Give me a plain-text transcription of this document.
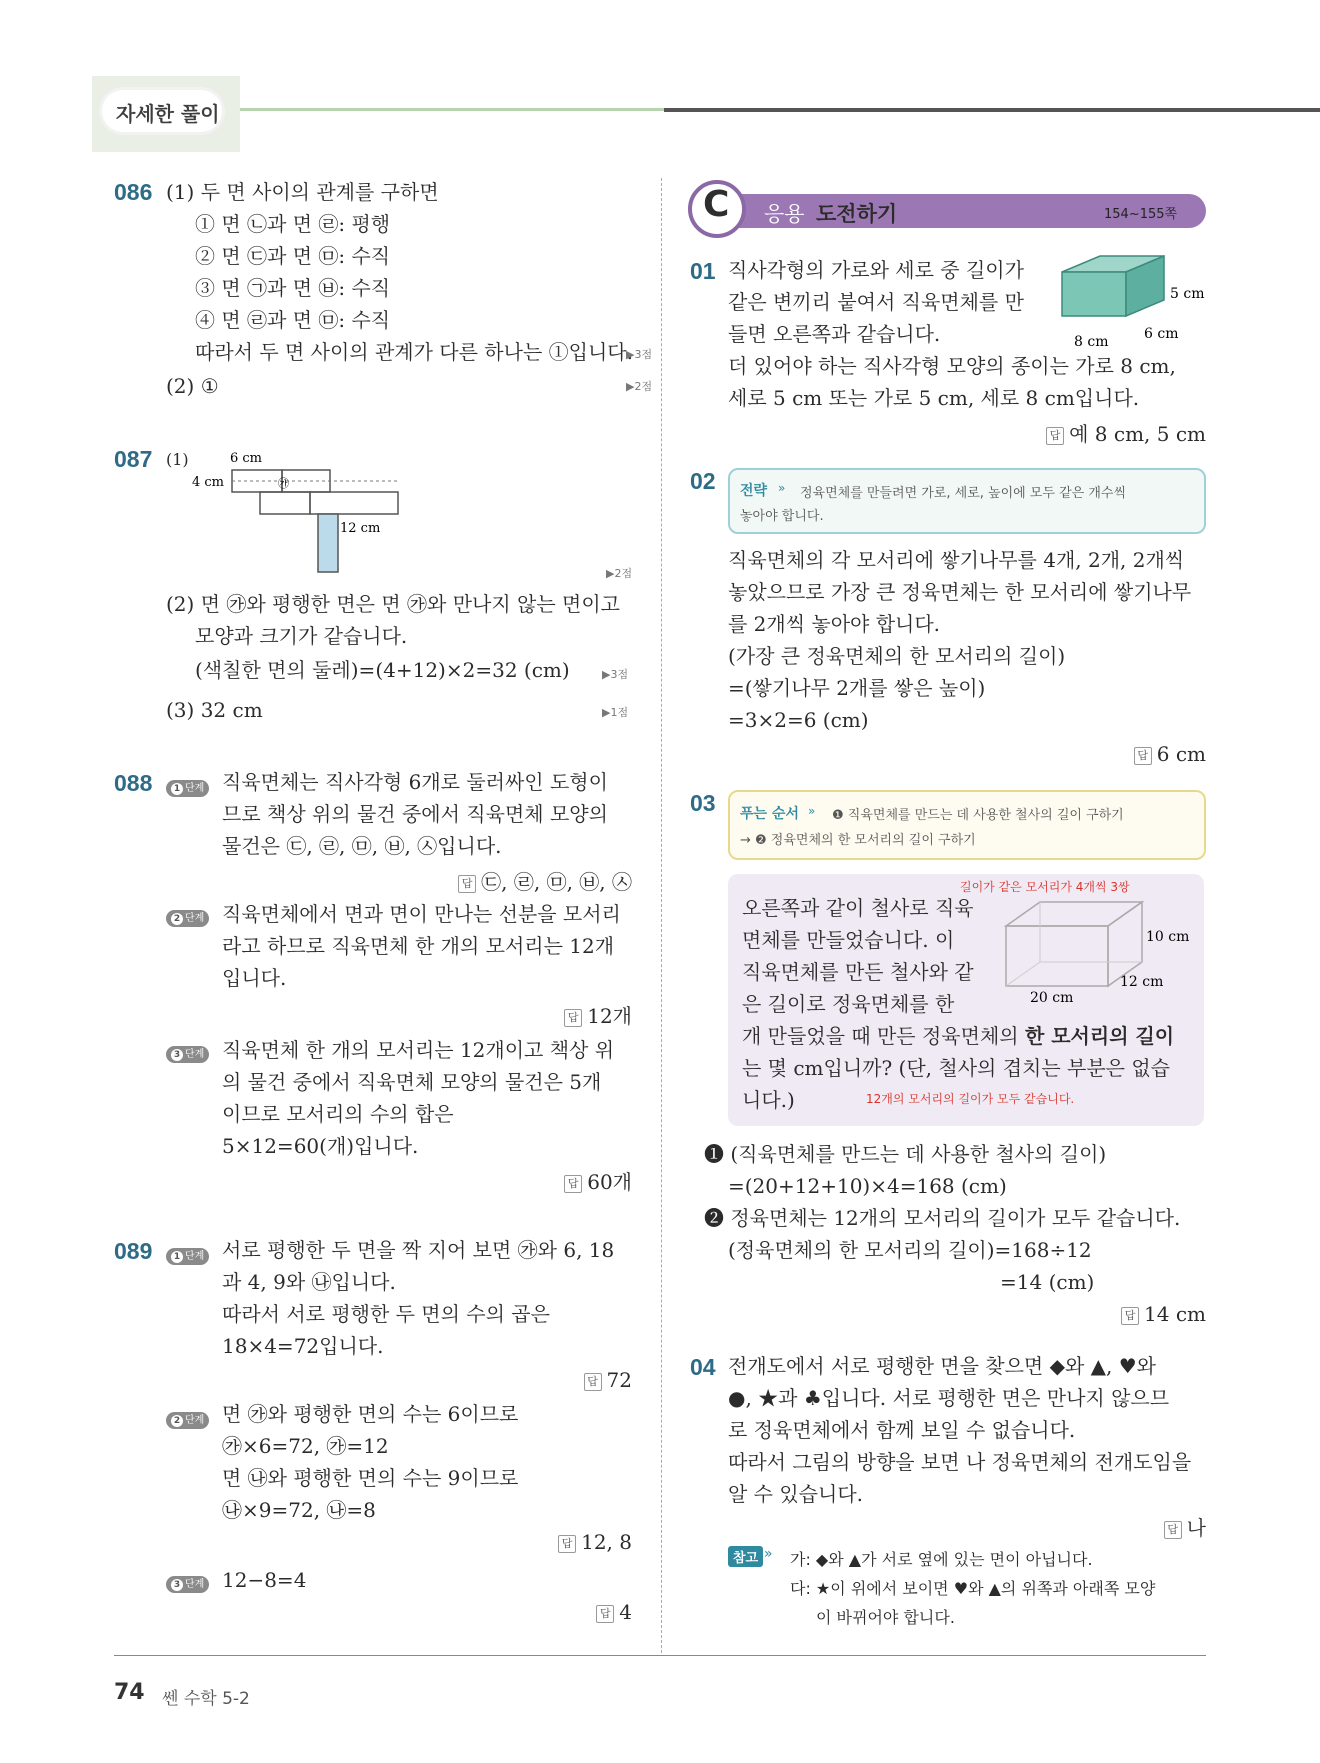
자세한 풀이
086 (1) 두 면 사이의 관계를 구하면
① 면 ㉡과 면 ㉣: 평행
② 면 ㉢과 면 ㉤: 수직
③ 면 ㉠과 면 ㉥: 수직
④ 면 ㉣과 면 ㉤: 수직
따라서 두 면 사이의 관계가 다른 하나는 ①입니다.
▶3점
(2) ①	▶2점
087 (1)	6 cm
4 cm	㉮
12 cm
▶2점
(2) 면 ㉮와 평행한 면은 면 ㉮와 만나지 않는 면이고
모양과 크기가 같습니다.
(색칠한 면의 둘레)=(4+12)×2=32 (cm)	▶3점
(3) 32 cm	▶1점
088	1 단계 직육면체는 직사각형 6개로 둘러싸인 도형이
므로 책상 위의 물건 중에서 직육면체 모양의
물건은 ㉢, ㉣, ㉤, ㉥, ㉦입니다.
답 ㉢, ㉣, ㉤, ㉥, ㉦
2 단계 직육면체에서 면과 면이 만나는 선분을 모서리
라고 하므로 직육면체 한 개의 모서리는 12개
입니다.
답 12개
3 단계 직육면체 한 개의 모서리는 12개이고 책상 위
의 물건 중에서 직육면체 모양의 물건은 5개
이므로 모서리의 수의 합은
5×12=60(개)입니다.
답 60개
089	1 단계 서로 평행한 두 면을 짝 지어 보면 ㉮와 6, 18
과 4, 9와 ㉯입니다.
따라서 서로 평행한 두 면의 수의 곱은
18×4=72입니다.
답 72
2 단계 면 ㉮와 평행한 면의 수는 6이므로
㉮×6=72, ㉮=12
면 ㉯와 평행한 면의 수는 9이므로
㉯×9=72, ㉯=8
답 12, 8
3 단계 12−8=4
답 4
C 응용 도전하기	154~155쪽
01 직사각형의 가로와 세로 중 길이가
같은 변끼리 붙여서 직육면체를 만
들면 오른쪽과 같습니다.
5 cm
8 cm	6 cm
더 있어야 하는 직사각형 모양의 종이는 가로 8 cm,
세로 5 cm 또는 가로 5 cm, 세로 8 cm입니다.
답 예 8 cm, 5 cm
02 전략 » 정육면체를 만들려면 가로, 세로, 높이에 모두 같은 개수씩
놓아야 합니다.
직육면체의 각 모서리에 쌓기나무를 4개, 2개, 2개씩
놓았으므로 가장 큰 정육면체는 한 모서리에 쌓기나무
를 2개씩 놓아야 합니다.
(가장 큰 정육면체의 한 모서리의 길이)
=(쌓기나무 2개를 쌓은 높이)
=3×2=6 (cm)
답 6 cm
03 푸는 순서 » ❶ 직육면체를 만드는 데 사용한 철사의 길이 구하기
→ ❷ 정육면체의 한 모서리의 길이 구하기
길이가 같은 모서리가 4개씩 3쌍
오른쪽과 같이 철사로 직육
면체를 만들었습니다. 이
직육면체를 만든 철사와 같
은 길이로 정육면체를 한
개 만들었을 때 만든 정육면체의 한 모서리의 길이
는 몇 cm입니까? (단, 철사의 겹치는 부분은 없습
니다.)	12개의 모서리의 길이가 모두 같습니다.
10 cm
20 cm
12 cm
❶ (직육면체를 만드는 데 사용한 철사의 길이)
=(20+12+10)×4=168 (cm)
❷ 정육면체는 12개의 모서리의 길이가 모두 같습니다.
(정육면체의 한 모서리의 길이)=168÷12
=14 (cm)
답 14 cm
04 전개도에서 서로 평행한 면을 찾으면 ◆와 ▲, ♥와
●, ★과 ♣입니다. 서로 평행한 면은 만나지 않으므
로 정육면체에서 함께 보일 수 없습니다.
따라서 그림의 방향을 보면 나 정육면체의 전개도임을
알 수 있습니다.
답 나
참고 » 가: ◆와 ▲가 서로 옆에 있는 면이 아닙니다.
다: ★이 위에서 보이면 ♥와 ▲의 위쪽과 아래쪽 모양
이 바뀌어야 합니다.
74 쎈 수학 5-2
